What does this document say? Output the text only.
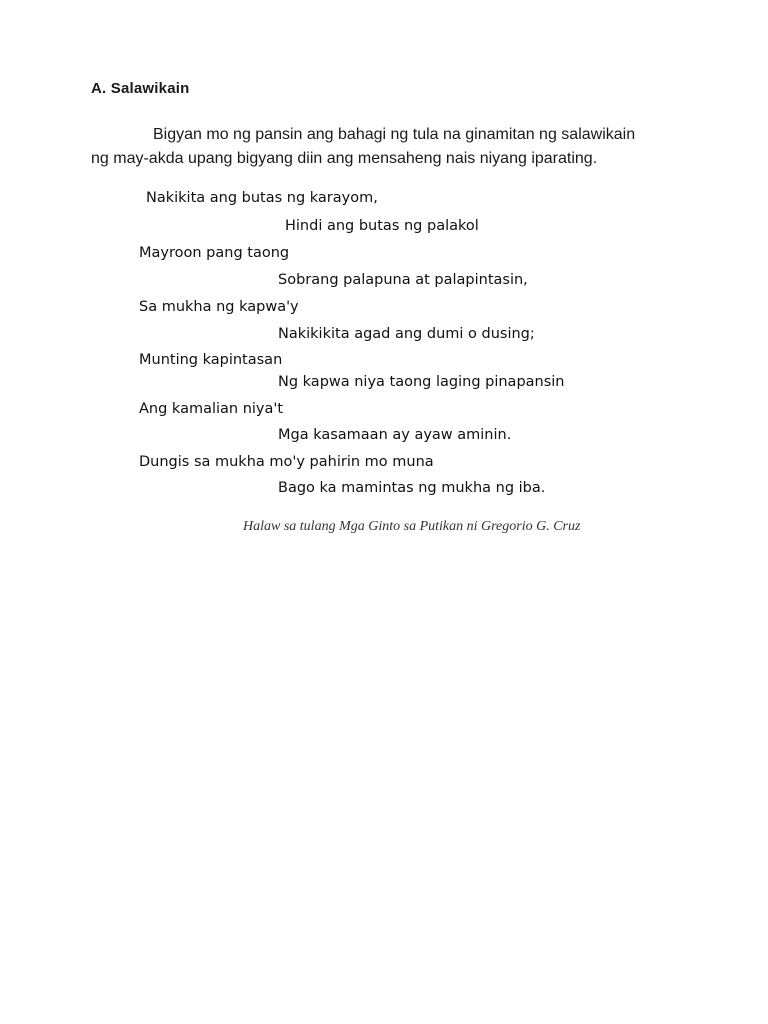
A. Salawikain
Bigyan mo ng pansin ang bahagi ng tula na ginamitan ng salawikain
ng may-akda upang bigyang diin ang mensaheng nais niyang iparating.
Nakikita ang butas ng karayom,
Hindi ang butas ng palakol
Mayroon pang taong
Sobrang palapuna at palapintasin,
Sa mukha ng kapwa'y
Nakikikita agad ang dumi o dusing;
Munting kapintasan
Ng kapwa niya taong laging pinapansin
Ang kamalian niya't
Mga kasamaan ay ayaw aminin.
Dungis sa mukha mo'y pahirin mo muna
Bago ka mamintas ng mukha ng iba.
Halaw sa tulang Mga Ginto sa Putikan ni Gregorio G. Cruz
